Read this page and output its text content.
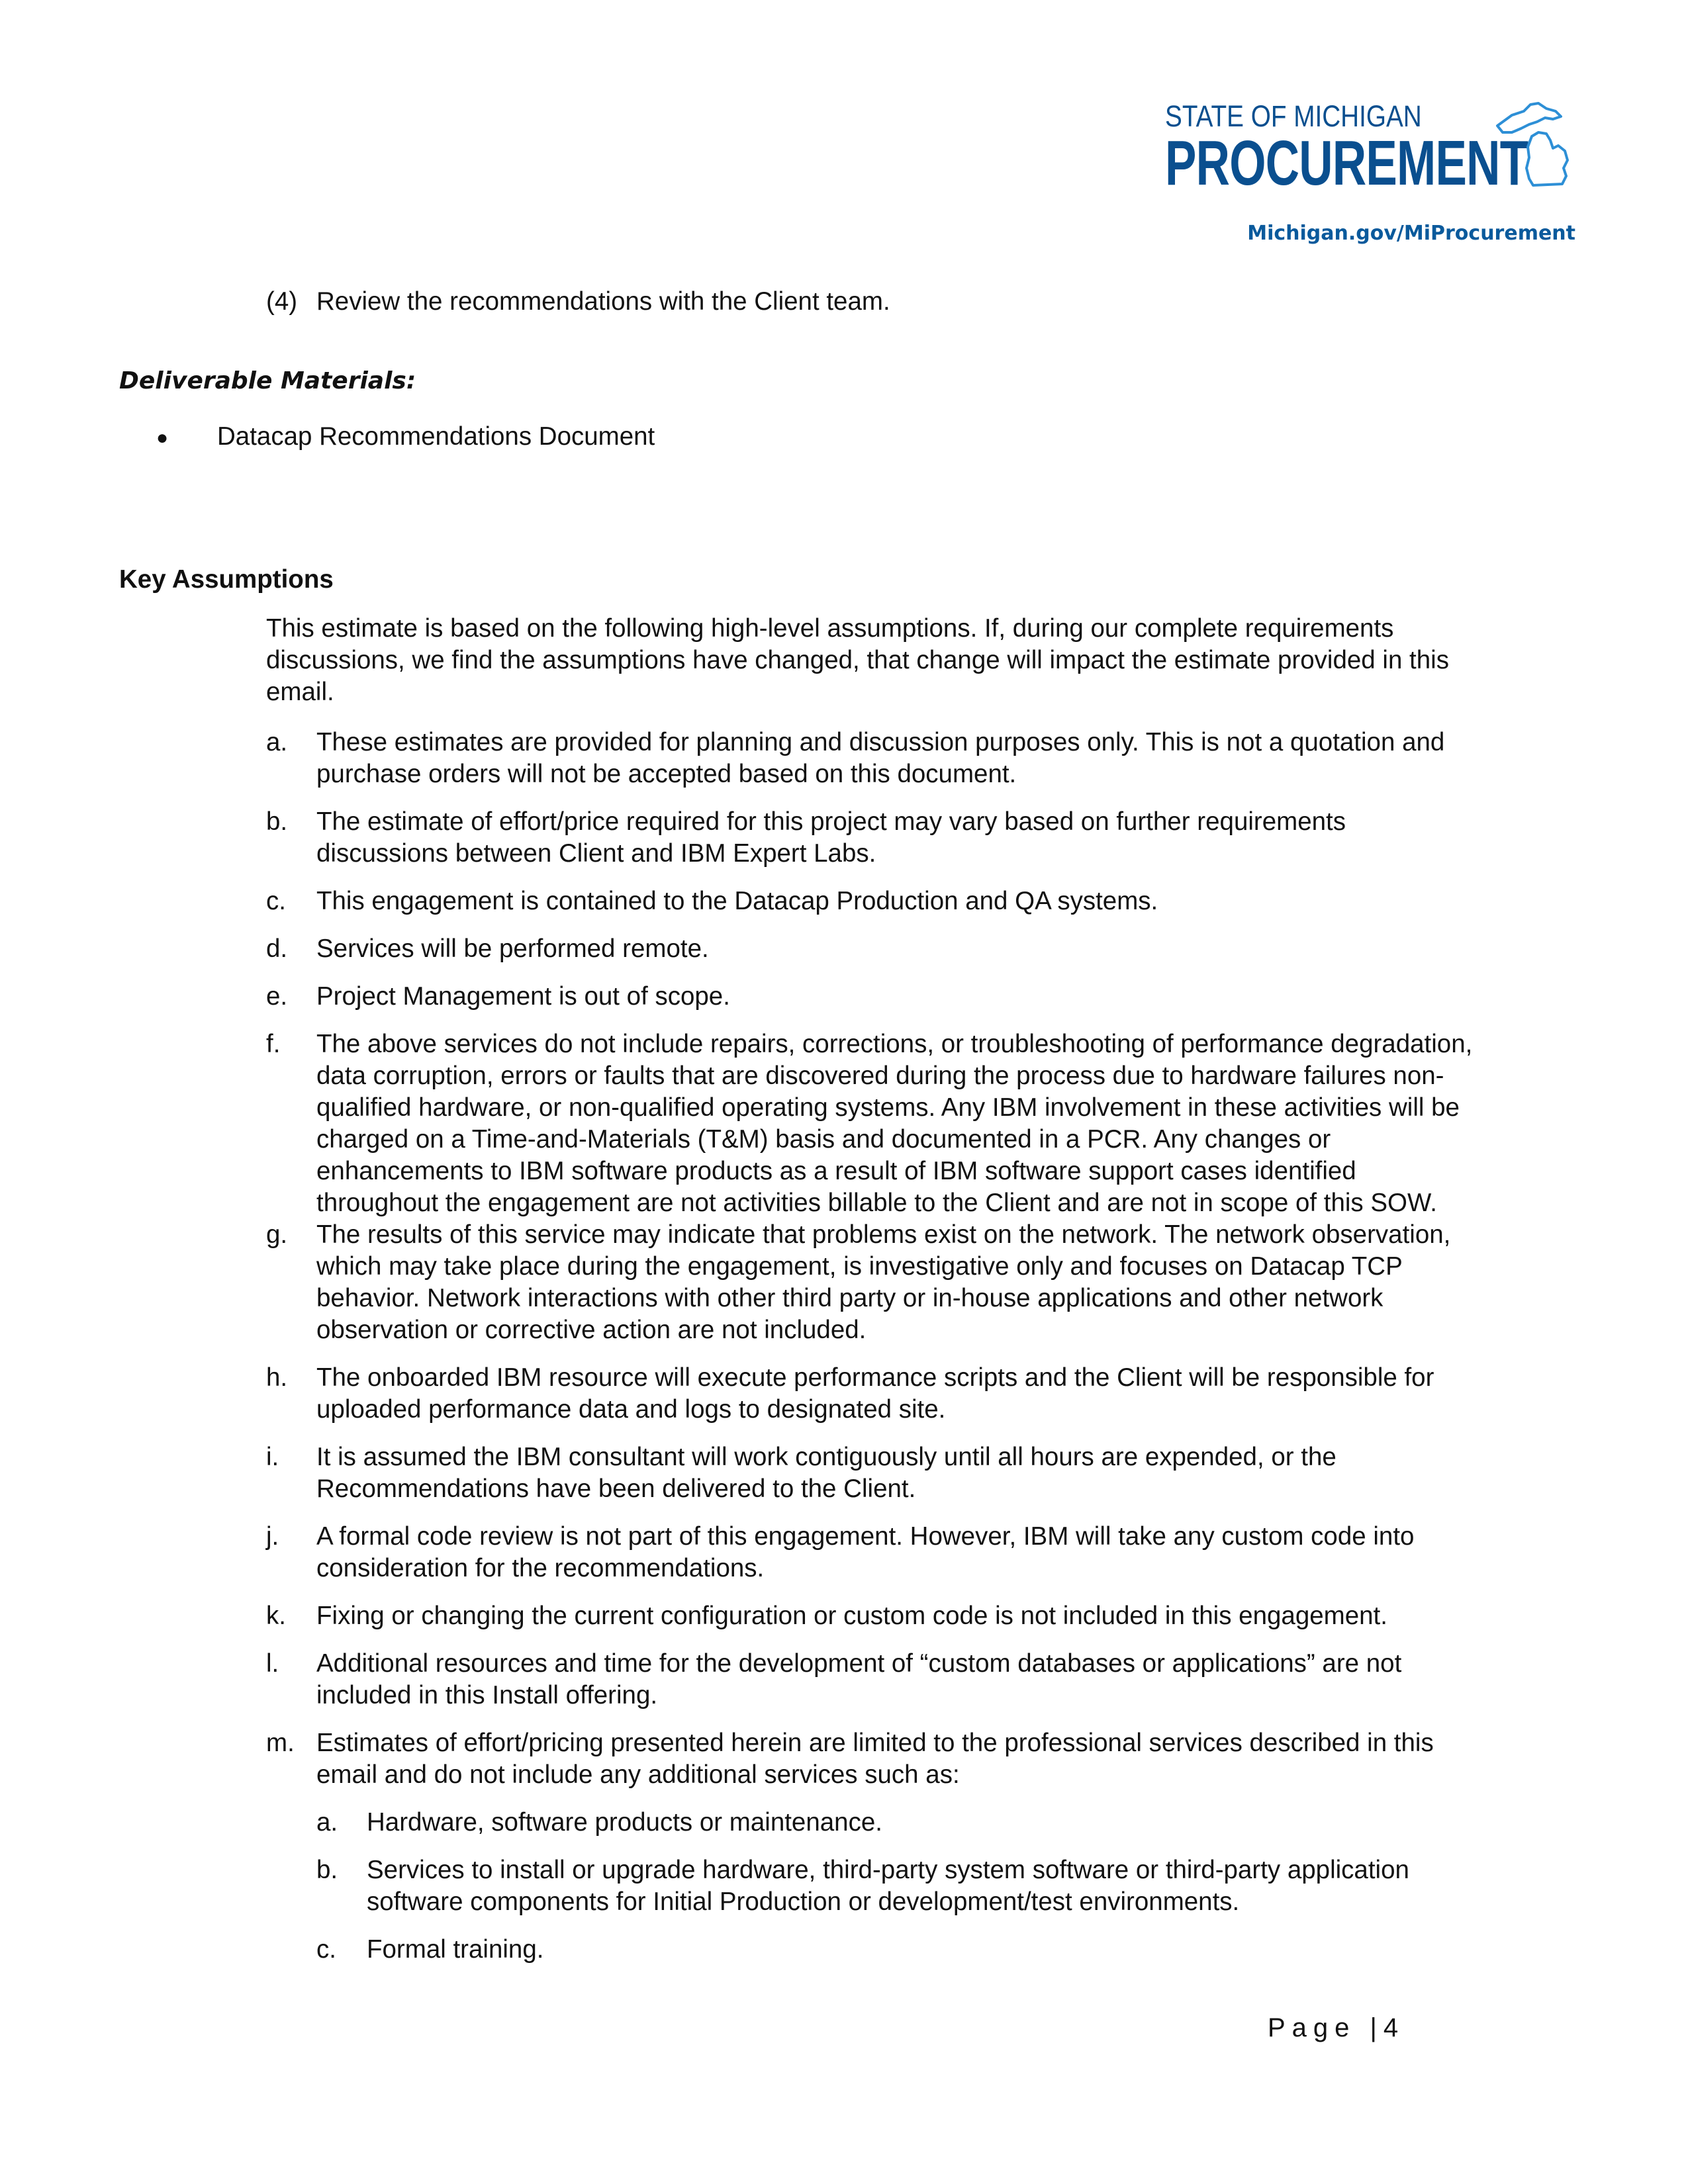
STATE OF MICHIGAN
PROCUREMENT
Michigan.gov/MiProcurement
(4) Review the recommendations with the Client team.
Deliverable Materials:
● Datacap Recommendations Document
Key Assumptions
This estimate is based on the following high-level assumptions. If, during our complete requirements
discussions, we find the assumptions have changed, that change will impact the estimate provided in this
email.
a. These estimates are provided for planning and discussion purposes only. This is not a quotation and
purchase orders will not be accepted based on this document.
b. The estimate of effort/price required for this project may vary based on further requirements
discussions between Client and IBM Expert Labs.
c. This engagement is contained to the Datacap Production and QA systems.
d. Services will be performed remote.
e. Project Management is out of scope.
f. The above services do not include repairs, corrections, or troubleshooting of performance degradation,
data corruption, errors or faults that are discovered during the process due to hardware failures non-
qualified hardware, or non-qualified operating systems. Any IBM involvement in these activities will be
charged on a Time-and-Materials (T&M) basis and documented in a PCR. Any changes or
enhancements to IBM software products as a result of IBM software support cases identified
throughout the engagement are not activities billable to the Client and are not in scope of this SOW.
g. The results of this service may indicate that problems exist on the network. The network observation,
which may take place during the engagement, is investigative only and focuses on Datacap TCP
behavior. Network interactions with other third party or in-house applications and other network
observation or corrective action are not included.
h. The onboarded IBM resource will execute performance scripts and the Client will be responsible for
uploaded performance data and logs to designated site.
i. It is assumed the IBM consultant will work contiguously until all hours are expended, or the
Recommendations have been delivered to the Client.
j. A formal code review is not part of this engagement. However, IBM will take any custom code into
consideration for the recommendations.
k. Fixing or changing the current configuration or custom code is not included in this engagement.
l. Additional resources and time for the development of “custom databases or applications” are not
included in this Install offering.
m. Estimates of effort/pricing presented herein are limited to the professional services described in this
email and do not include any additional services such as:
a. Hardware, software products or maintenance.
b. Services to install or upgrade hardware, third-party system software or third-party application
software components for Initial Production or development/test environments.
c. Formal training.
Page |4
